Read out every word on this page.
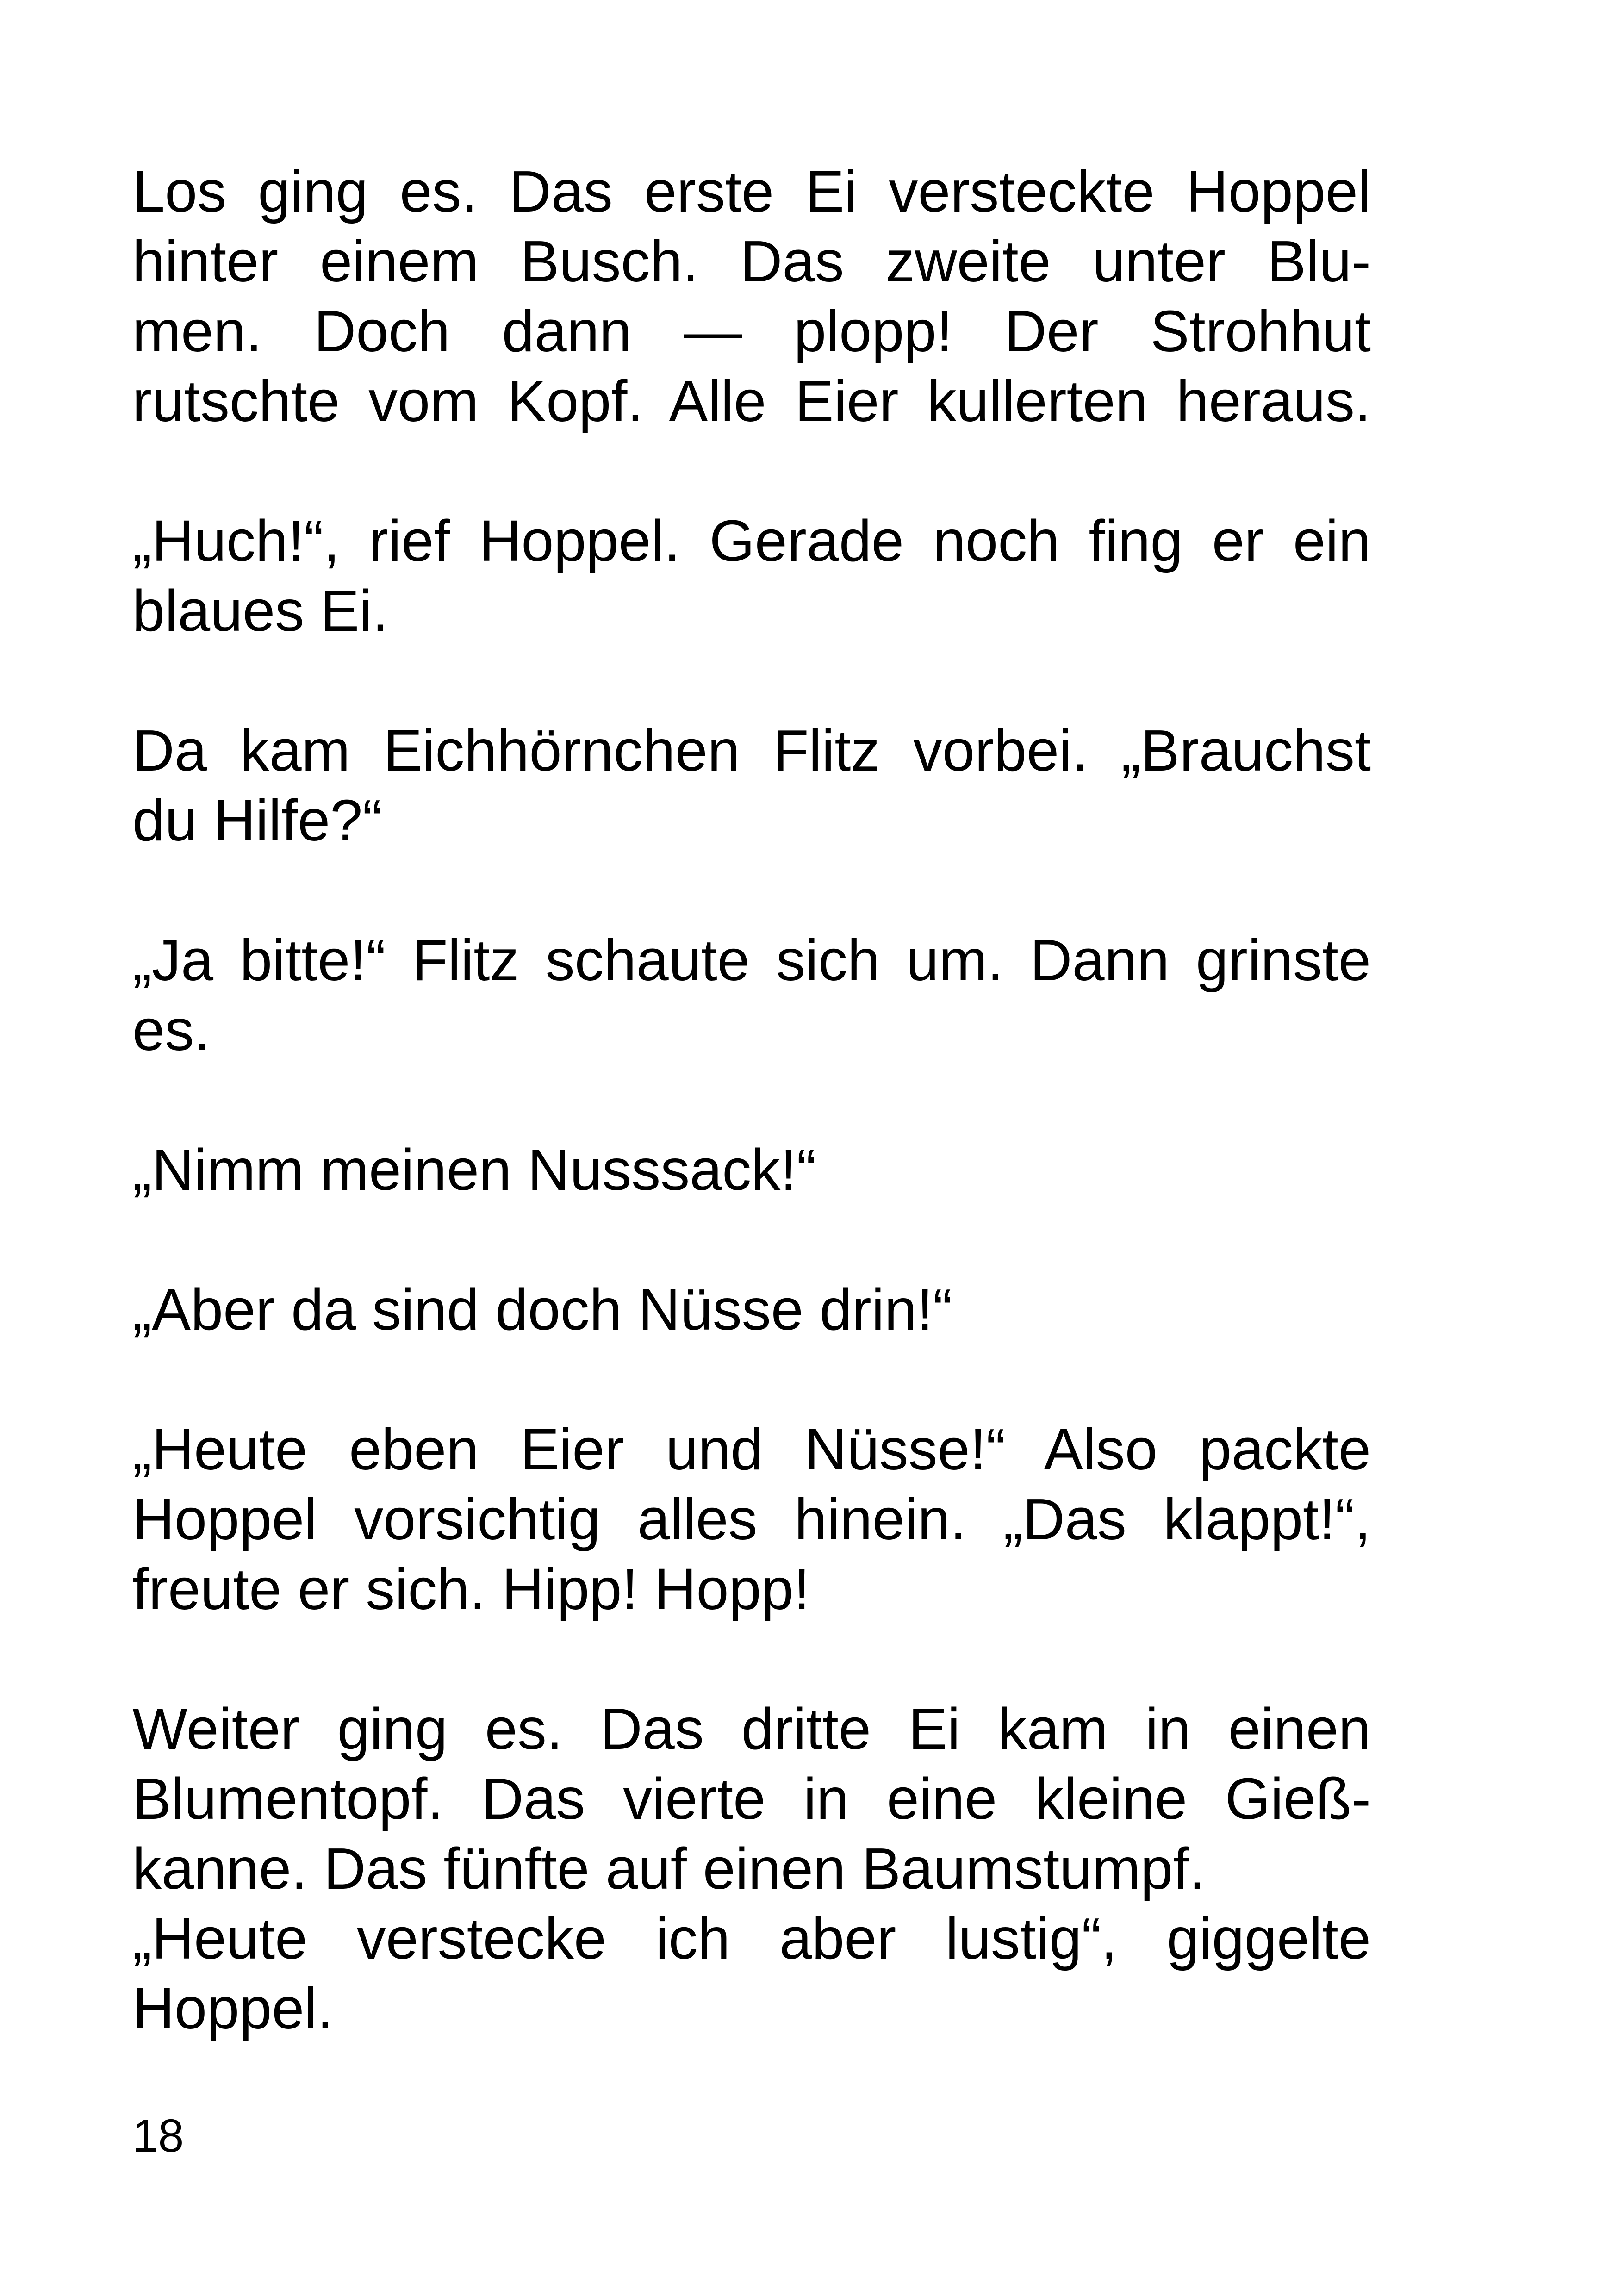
Los ging es. Das erste Ei versteckte Hoppel
hinter einem Busch. Das zweite unter Blu-
men. Doch dann — plopp! Der Strohhut
rutschte vom Kopf. Alle Eier kullerten heraus.
„Huch!“, rief Hoppel. Gerade noch fing er ein
blaues Ei.
Da kam Eichhörnchen Flitz vorbei. „Brauchst
du Hilfe?“
„Ja bitte!“ Flitz schaute sich um. Dann grinste
es.
„Nimm meinen Nusssack!“
„Aber da sind doch Nüsse drin!“
„Heute eben Eier und Nüsse!“ Also packte
Hoppel vorsichtig alles hinein. „Das klappt!“,
freute er sich. Hipp! Hopp!
Weiter ging es. Das dritte Ei kam in einen
Blumentopf. Das vierte in eine kleine Gieß-
kanne. Das fünfte auf einen Baumstumpf.
„Heute verstecke ich aber lustig“, giggelte
Hoppel.
18
